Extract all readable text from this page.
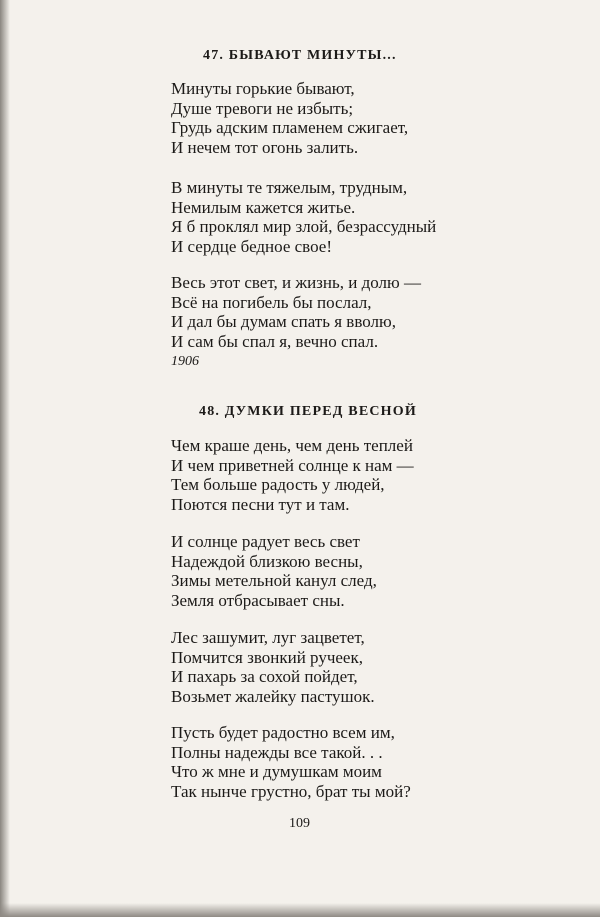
47. БЫВАЮТ МИНУТЫ...
Минуты горькие бывают,
Душе тревоги не избыть;
Грудь адским пламенем сжигает,
И нечем тот огонь залить.
В минуты те тяжелым, трудным,
Немилым кажется житье.
Я б проклял мир злой, безрассудный
И сердце бедное свое!
Весь этот свет, и жизнь, и долю —
Всё на погибель бы послал,
И дал бы думам спать я вволю,
И сам бы спал я, вечно спал.
1906
48. ДУМКИ ПЕРЕД ВЕСНОЙ
Чем краше день, чем день теплей
И чем приветней солнце к нам —
Тем больше радость у людей,
Поются песни тут и там.
И солнце радует весь свет
Надеждой близкою весны,
Зимы метельной канул след,
Земля отбрасывает сны.
Лес зашумит, луг зацветет,
Помчится звонкий ручеек,
И пахарь за сохой пойдет,
Возьмет жалейку пастушок.
Пусть будет радостно всем им,
Полны надежды все такой. . .
Что ж мне и думушкам моим
Так нынче грустно, брат ты мой?
109
